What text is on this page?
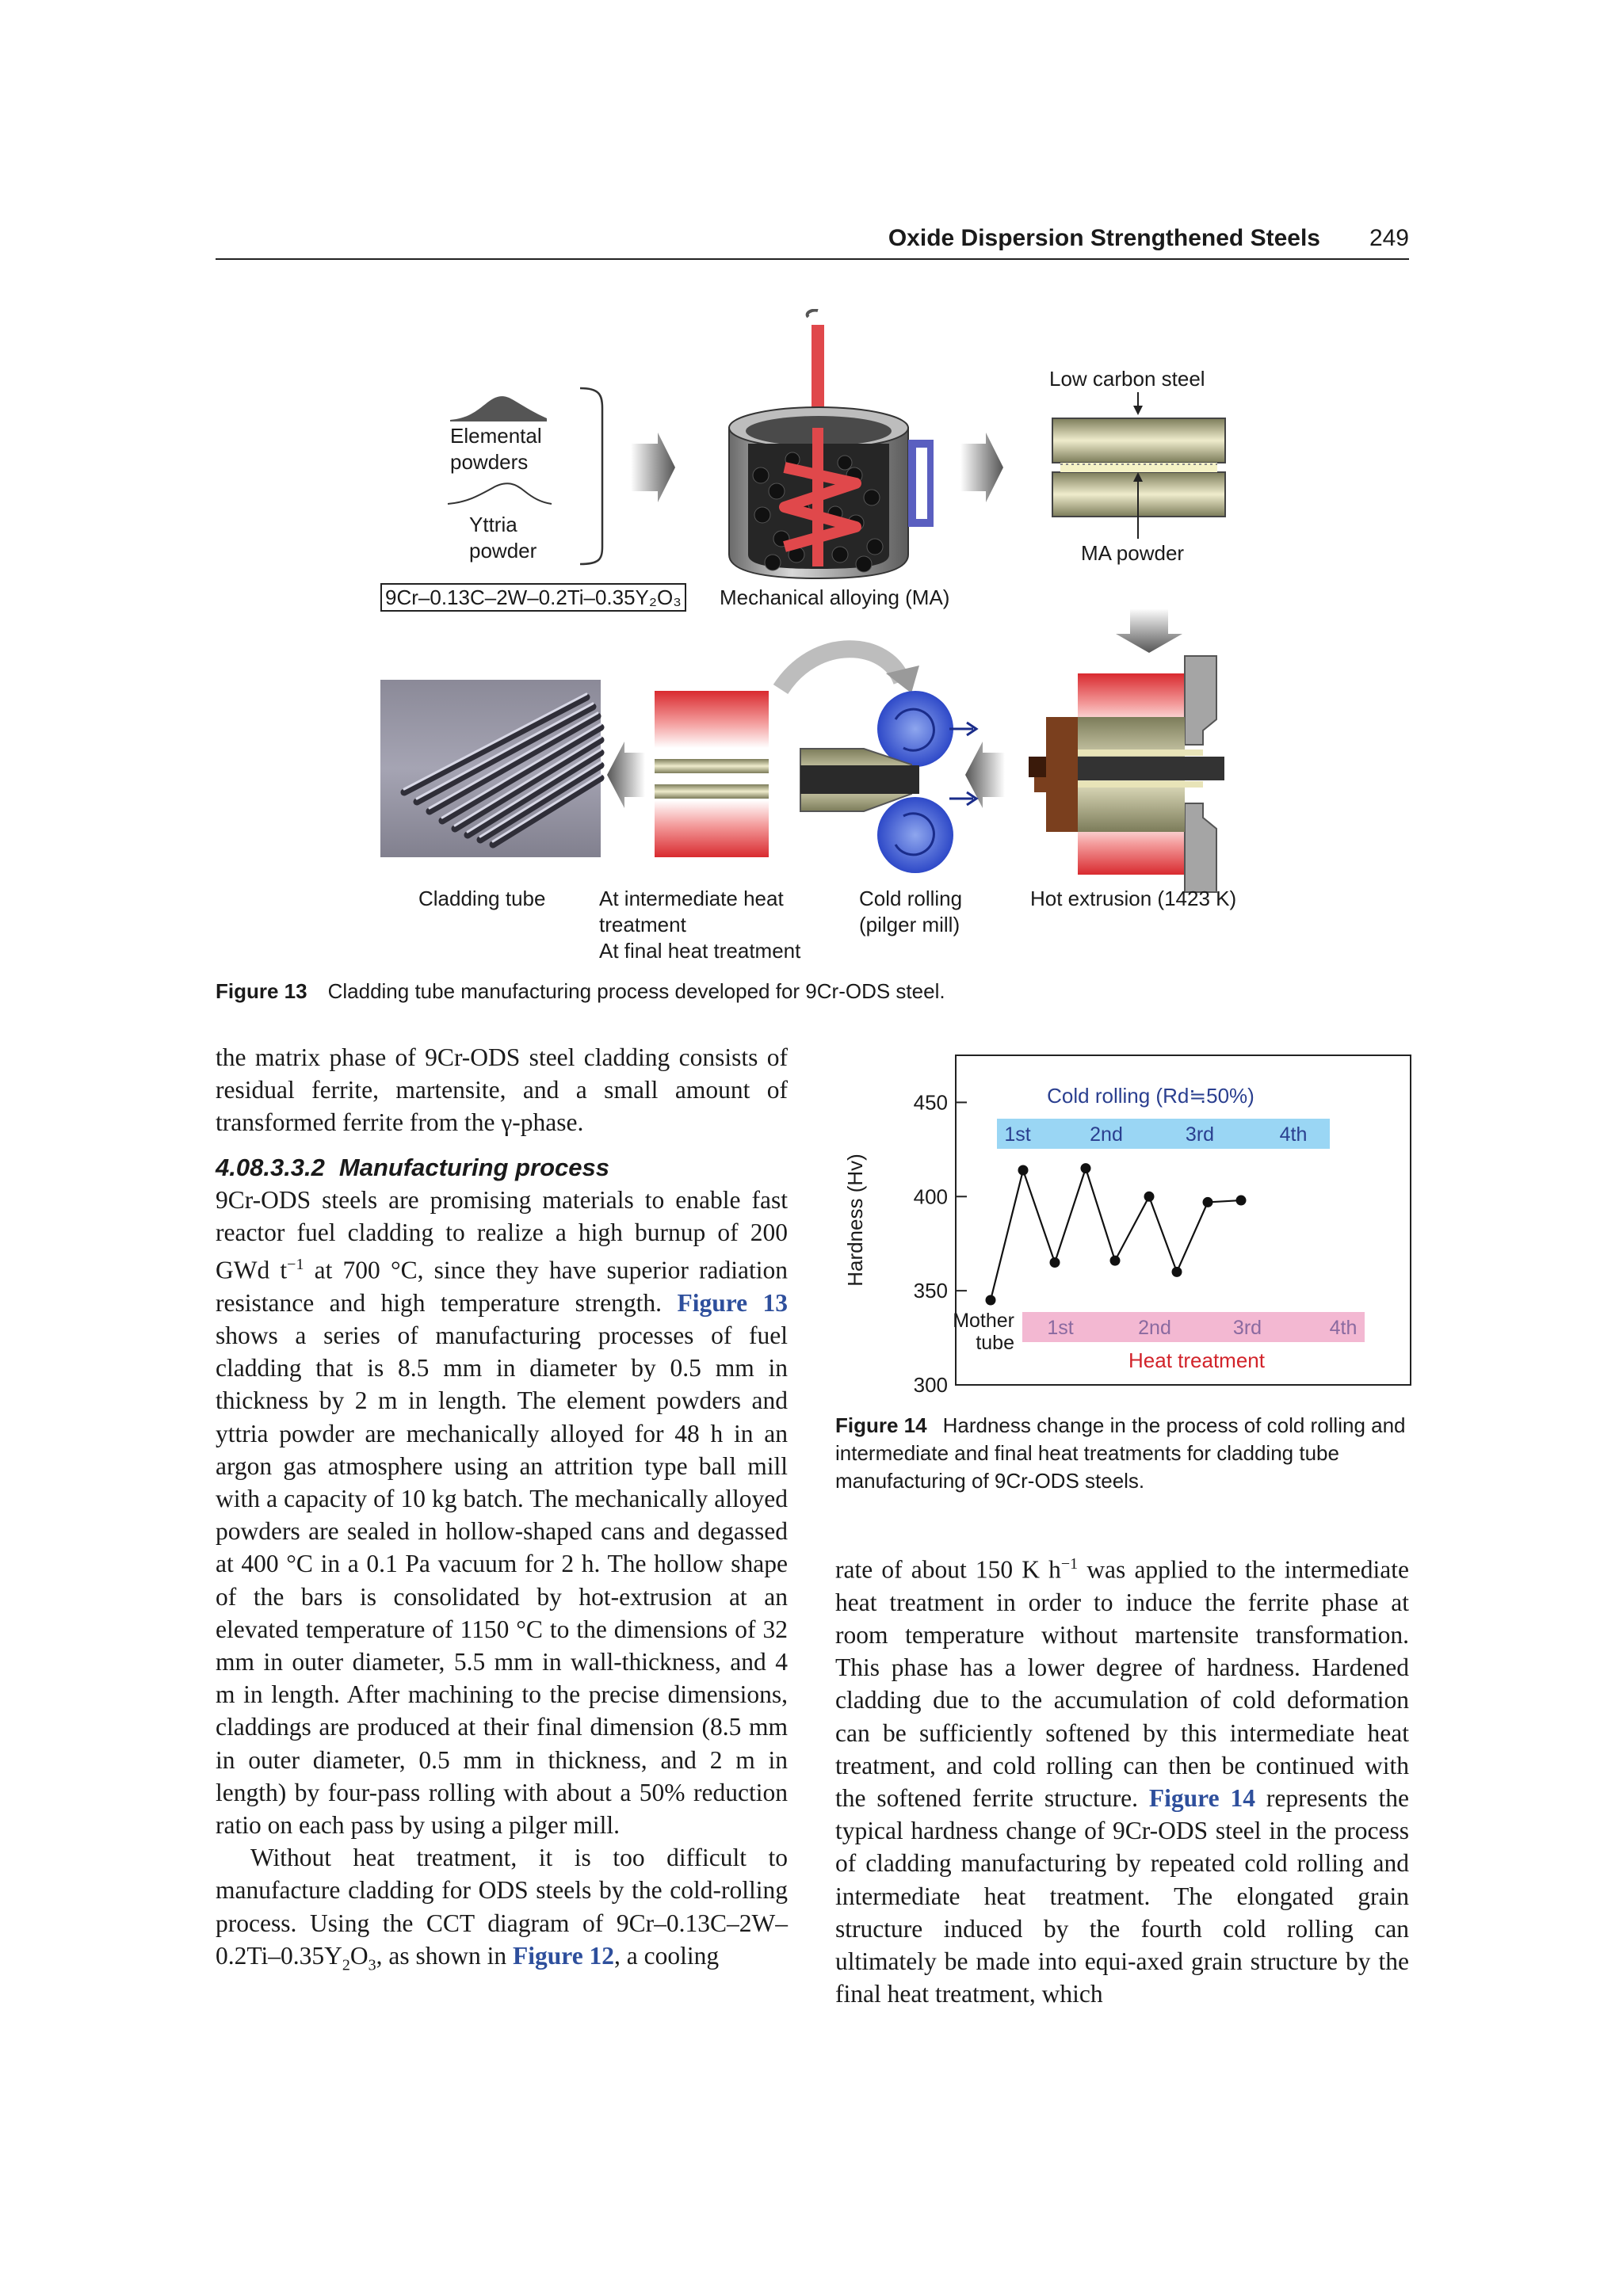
Oxide Dispersion Strengthened Steels 249
Elemental
powders
Yttria
powder
9Cr–0.13C–2W–0.2Ti–0.35Y₂O₃ Mechanical alloying (MA)
Low carbon steel
MA powder
Cladding tube	At intermediate heat
treatment
At final heat treatment
Cold rolling
(pilger mill)
Hot extrusion (1423 K)
Figure 13 Cladding tube manufacturing process developed for 9Cr-ODS steel.

the matrix phase of 9Cr-ODS steel cladding consists of residual ferrite, martensite, and a small amount of transformed ferrite from the γ-phase.

4.08.3.3.2 Manufacturing process

9Cr-ODS steels are promising materials to enable fast reactor fuel cladding to realize a high burnup of 200 GWd $t^{-1}$ at 700 °C, since they have superior radiation resistance and high temperature strength. Figure 13 shows a series of manufacturing processes of fuel cladding that is 8.5 mm in diameter by 0.5 mm in thickness by 2 m in length. The element powders and yttria powder are mechanically alloyed for 48 h in an argon gas atmosphere using an attrition type ball mill with a capacity of 10 kg batch. The mechanically alloyed powders are sealed in hollow-shaped cans and degassed at 400 °C in a 0.1 Pa vacuum for 2 h. The hollow shape of the bars is consolidated by hot-extrusion at an elevated temperature of 1150 °C to the dimensions of 32 mm in outer diameter, 5.5 mm in wall-thickness, and 4 m in length. After machining to the precise dimensions, claddings are produced at their final dimension (8.5 mm in outer diameter, 0.5 mm in thickness, and 2 m in length) by four-pass rolling with about a 50% reduction ratio on each pass by using a pilger mill.

Without heat treatment, it is too difficult to manufacture cladding for ODS steels by the cold-rolling process. Using the CCT diagram of $9Cr-0.13C-2W-0.2Ti-0.35Y_2O_3$, as shown in Figure 12, a cooling

Hardness (Hv)
300
350
400
450	Cold rolling (Rd≒50%)
1st	2nd	3rd	4th
Heat treatment
1st	2nd	3rd	4th
Mother
tube
Figure 14 Hardness change in the process of cold rolling and intermediate and final heat treatments for cladding tube manufacturing of 9Cr-ODS steels.

rate of about 150 K $h^{-1}$ was applied to the intermediate heat treatment in order to induce the ferrite phase at room temperature without martensite transformation. This phase has a lower degree of hardness. Hardened cladding due to the accumulation of cold deformation can be sufficiently softened by this intermediate heat treatment, and cold rolling can then be continued with the softened ferrite structure. Figure 14 represents the typical hardness change of 9Cr-ODS steel in the process of cladding manufacturing by repeated cold rolling and intermediate heat treatment. The elongated grain structure induced by the fourth cold rolling can ultimately be made into equi-axed grain structure by the final heat treatment, which
